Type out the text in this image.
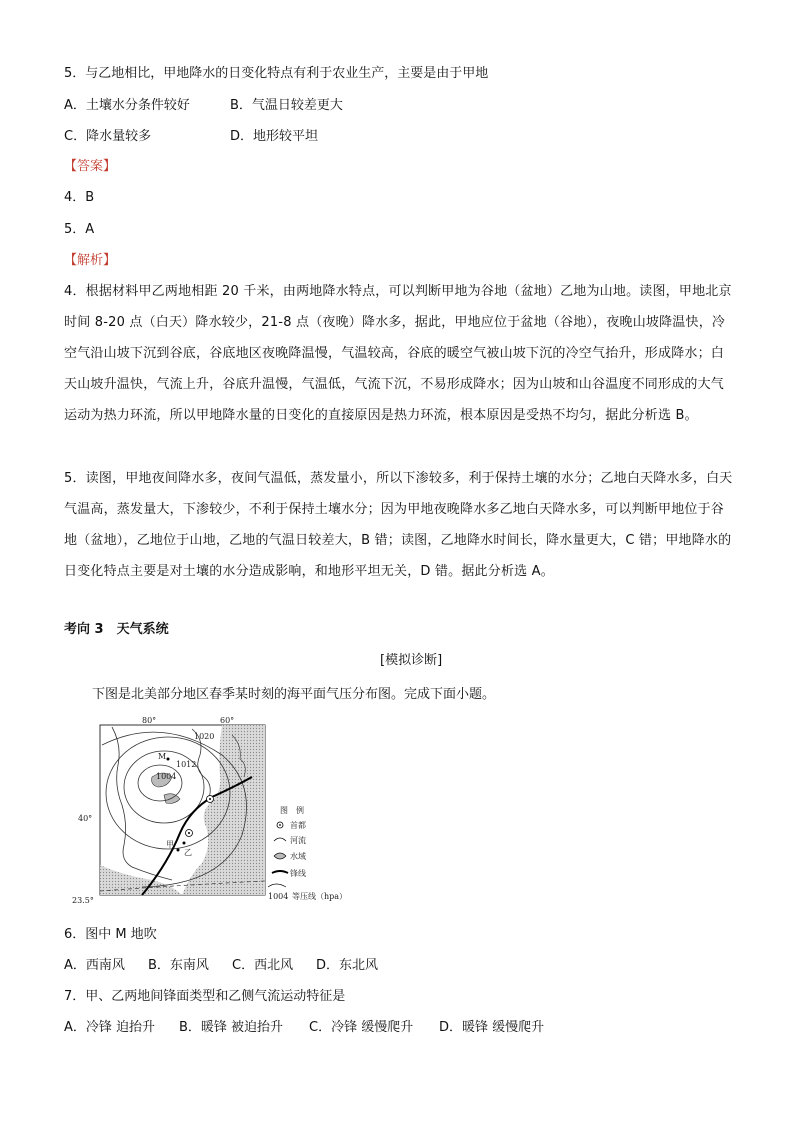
5．与乙地相比，甲地降水的日变化特点有利于农业生产，主要是由于甲地
A．土壤水分条件较好	B．气温日较差更大
C．降水量较多	D．地形较平坦
【答案】
4．B
5．A
【解析】
4．根据材料甲乙两地相距 20 千米，由两地降水特点，可以判断甲地为谷地（盆地）乙地为山地。读图，甲地北京时间 8-20 点（白天）降水较少，21-8 点（夜晚）降水多，据此，甲地应位于盆地（谷地），夜晚山坡降温快，冷空气沿山坡下沉到谷底，谷底地区夜晚降温慢，气温较高，谷底的暖空气被山坡下沉的冷空气抬升，形成降水；白天山坡升温快，气流上升，谷底升温慢，气温低，气流下沉，不易形成降水；因为山坡和山谷温度不同形成的大气运动为热力环流，所以甲地降水量的日变化的直接原因是热力环流，根本原因是受热不均匀，据此分析选 B。
5．读图，甲地夜间降水多，夜间气温低，蒸发量小，所以下渗较多，利于保持土壤的水分；乙地白天降水多，白天气温高，蒸发量大，下渗较少，不利于保持土壤水分；因为甲地夜晚降水多乙地白天降水多，可以判断甲地位于谷地（盆地），乙地位于山地，乙地的气温日较差大，B 错；读图，乙地降水时间长，降水量更大，C 错；甲地降水的日变化特点主要是对土壤的水分造成影响，和地形平坦无关，D 错。据此分析选 A。
考向 3　天气系统
[模拟诊断]
下图是北美部分地区春季某时刻的海平面气压分布图。完成下面小题。
80°	60°
40°
23.5°
1020
1012
1004
M
甲
乙
图　例
首都
河流
水域
锋线
1004 等压线（hpa）
6．图中 M 地吹
A．西南风 B．东南风 C．西北风 D．东北风
7．甲、乙两地间锋面类型和乙侧气流运动特征是
A．冷锋 迫抬升 B．暖锋 被迫抬升 C．冷锋 缓慢爬升 D．暖锋 缓慢爬升
